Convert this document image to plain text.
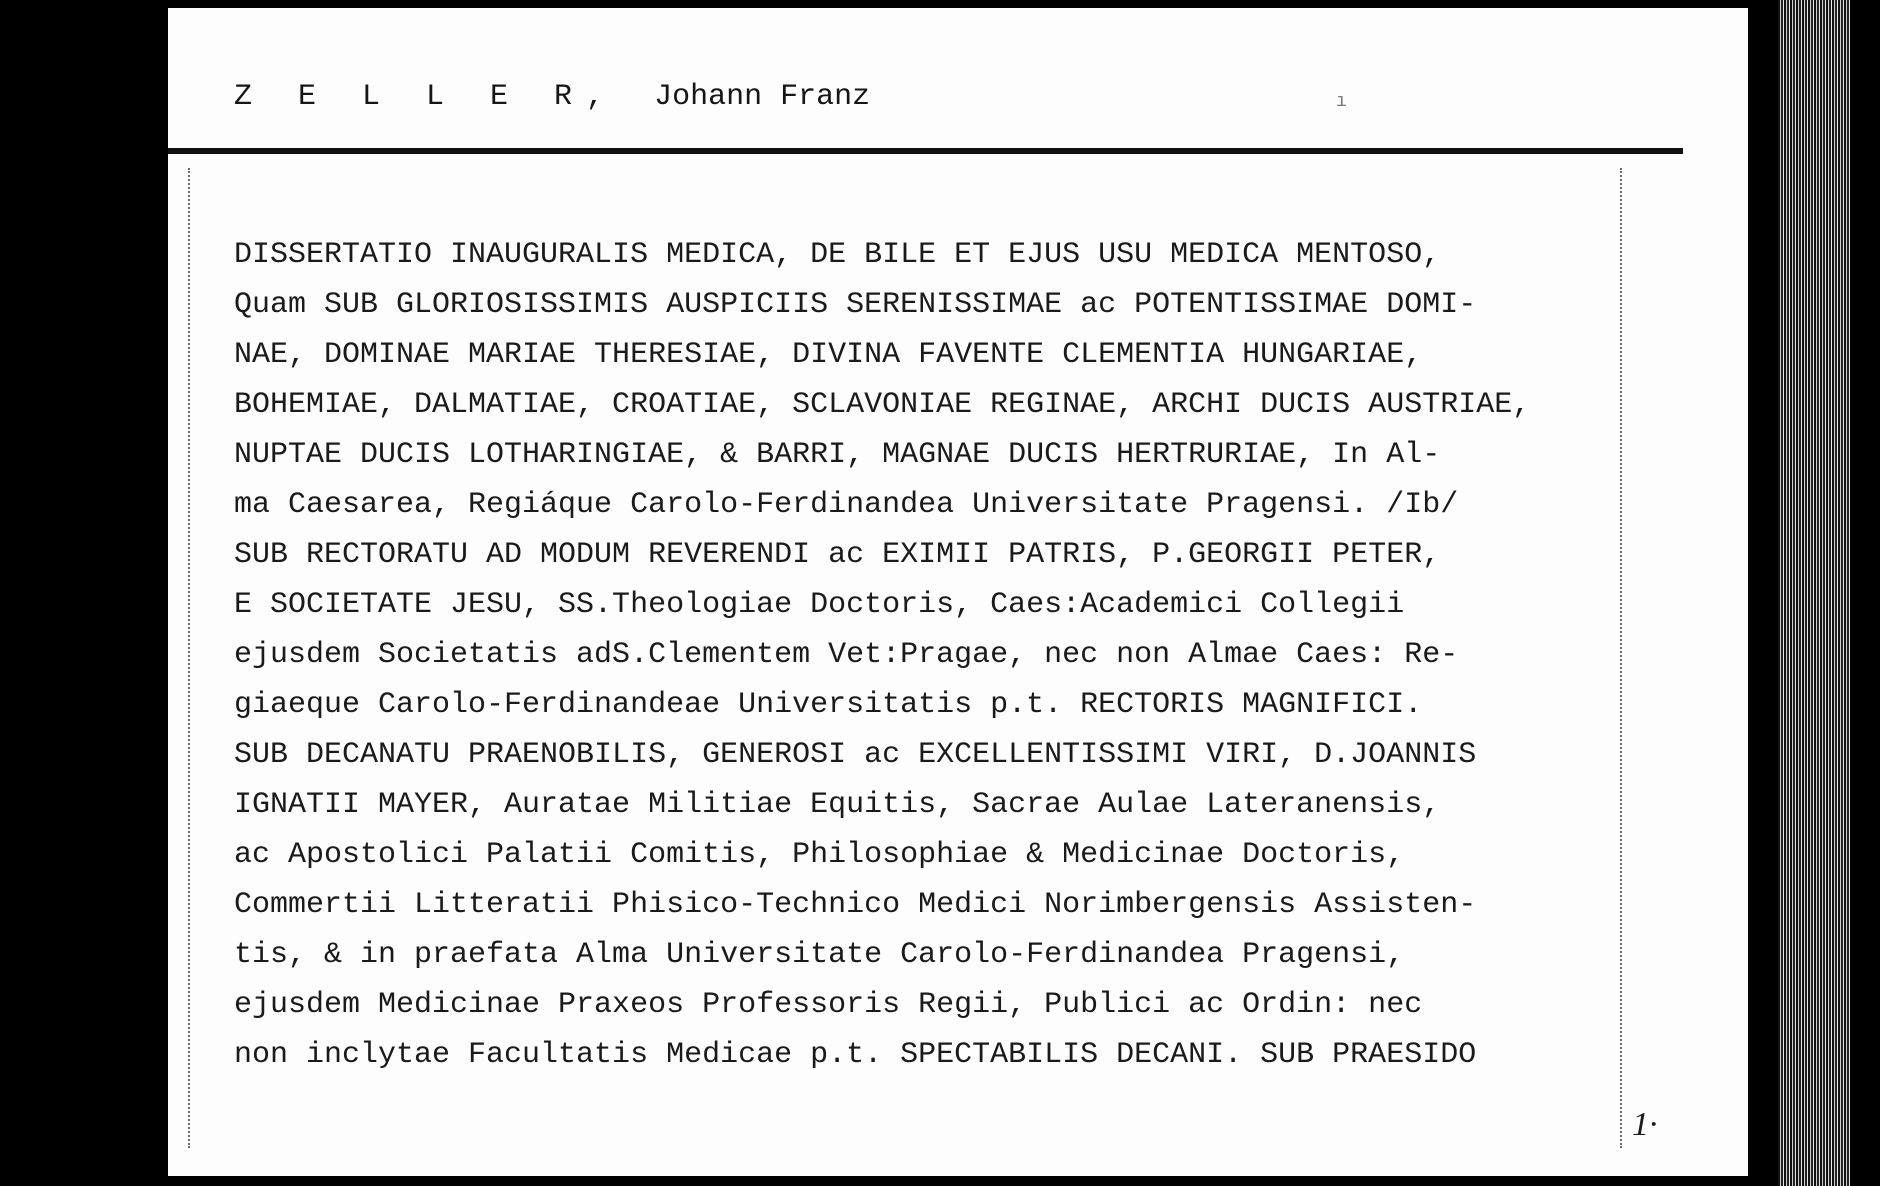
Z E L L E R, Johann Franz	ı
DISSERTATIO INAUGURALIS MEDICA, DE BILE ET EJUS USU MEDICA MENTOSO,
Quam SUB GLORIOSISSIMIS AUSPICIIS SERENISSIMAE ac POTENTISSIMAE DOMI-
NAE, DOMINAE MARIAE THERESIAE, DIVINA FAVENTE CLEMENTIA HUNGARIAE,
BOHEMIAE, DALMATIAE, CROATIAE, SCLAVONIAE REGINAE, ARCHI DUCIS AUSTRIAE,
NUPTAE DUCIS LOTHARINGIAE, & BARRI, MAGNAE DUCIS HERTRURIAE, In Al-
ma Caesarea, Regiáque Carolo-Ferdinandea Universitate Pragensi. /Ib/
SUB RECTORATU AD MODUM REVERENDI ac EXIMII PATRIS, P.GEORGII PETER,
E SOCIETATE JESU, SS.Theologiae Doctoris, Caes:Academici Collegii
ejusdem Societatis adS.Clementem Vet:Pragae, nec non Almae Caes: Re-
giaeque Carolo-Ferdinandeae Universitatis p.t. RECTORIS MAGNIFICI.
SUB DECANATU PRAENOBILIS, GENEROSI ac EXCELLENTISSIMI VIRI, D.JOANNIS
IGNATII MAYER, Auratae Militiae Equitis, Sacrae Aulae Lateranensis,
ac Apostolici Palatii Comitis, Philosophiae & Medicinae Doctoris,
Commertii Litteratii Phisico-Technico Medici Norimbergensis Assisten-
tis, & in praefata Alma Universitate Carolo-Ferdinandea Pragensi,
ejusdem Medicinae Praxeos Professoris Regii, Publici ac Ordin: nec
non inclytae Facultatis Medicae p.t. SPECTABILIS DECANI. SUB PRAESIDO
1·
